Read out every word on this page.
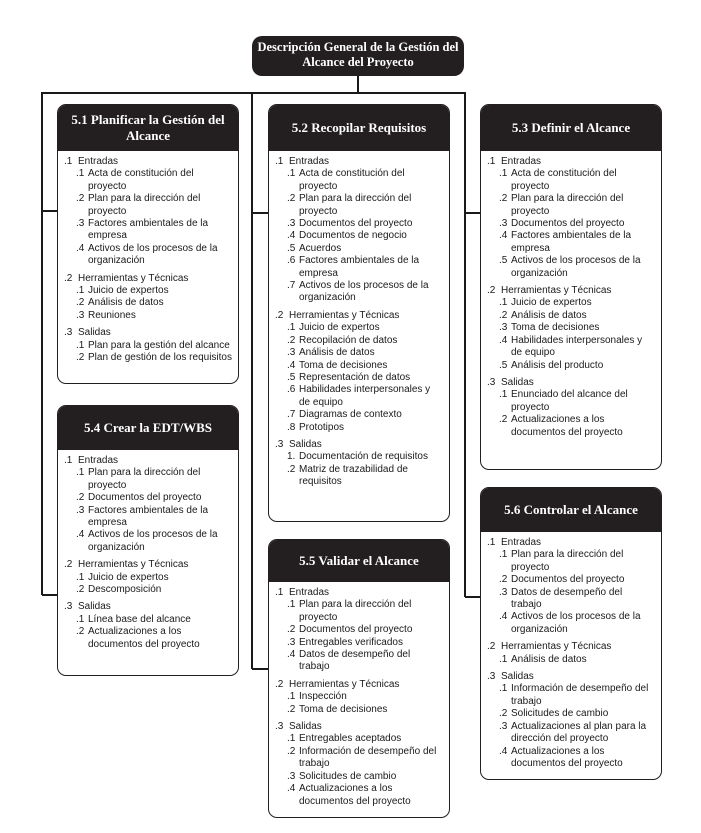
Descripción General de la Gestión del Alcance del Proyecto
5.1 Planificar la Gestión del Alcance
.1 Entradas
.1 Acta de constitución del proyecto
.2 Plan para la dirección del proyecto
.3 Factores ambientales de la empresa
.4 Activos de los procesos de la organización
.2 Herramientas y Técnicas
.1 Juicio de expertos
.2 Análisis de datos
.3 Reuniones
.3 Salidas
.1 Plan para la gestión del alcance
.2 Plan de gestión de los requisitos
5.2 Recopilar Requisitos
.1 Entradas
.1 Acta de constitución del proyecto
.2 Plan para la dirección del proyecto
.3 Documentos del proyecto
.4 Documentos de negocio
.5 Acuerdos
.6 Factores ambientales de la empresa
.7 Activos de los procesos de la organización
.2 Herramientas y Técnicas
.1 Juicio de expertos
.2 Recopilación de datos
.3 Análisis de datos
.4 Toma de decisiones
.5 Representación de datos
.6 Habilidades interpersonales y de equipo
.7 Diagramas de contexto
.8 Prototipos
.3 Salidas
1. Documentación de requisitos
.2 Matriz de trazabilidad de requisitos
5.3 Definir el Alcance
.1 Entradas
.1 Acta de constitución del proyecto
.2 Plan para la dirección del proyecto
.3 Documentos del proyecto
.4 Factores ambientales de la empresa
.5 Activos de los procesos de la organización
.2 Herramientas y Técnicas
.1 Juicio de expertos
.2 Análisis de datos
.3 Toma de decisiones
.4 Habilidades interpersonales y de equipo
.5 Análisis del producto
.3 Salidas
.1 Enunciado del alcance del proyecto
.2 Actualizaciones a los documentos del proyecto
5.4 Crear la EDT/WBS
.1 Entradas
.1 Plan para la dirección del proyecto
.2 Documentos del proyecto
.3 Factores ambientales de la empresa
.4 Activos de los procesos de la organización
.2 Herramientas y Técnicas
.1 Juicio de expertos
.2 Descomposición
.3 Salidas
.1 Línea base del alcance
.2 Actualizaciones a los documentos del proyecto
5.5 Validar el Alcance
.1 Entradas
.1 Plan para la dirección del proyecto
.2 Documentos del proyecto
.3 Entregables verificados
.4 Datos de desempeño del trabajo
.2 Herramientas y Técnicas
.1 Inspección
.2 Toma de decisiones
.3 Salidas
.1 Entregables aceptados
.2 Información de desempeño del trabajo
.3 Solicitudes de cambio
.4 Actualizaciones a los documentos del proyecto
5.6 Controlar el Alcance
.1 Entradas
.1 Plan para la dirección del proyecto
.2 Documentos del proyecto
.3 Datos de desempeño del trabajo
.4 Activos de los procesos de la organización
.2 Herramientas y Técnicas
.1 Análisis de datos
.3 Salidas
.1 Información de desempeño del trabajo
.2 Solicitudes de cambio
.3 Actualizaciones al plan para la dirección del proyecto
.4 Actualizaciones a los documentos del proyecto
